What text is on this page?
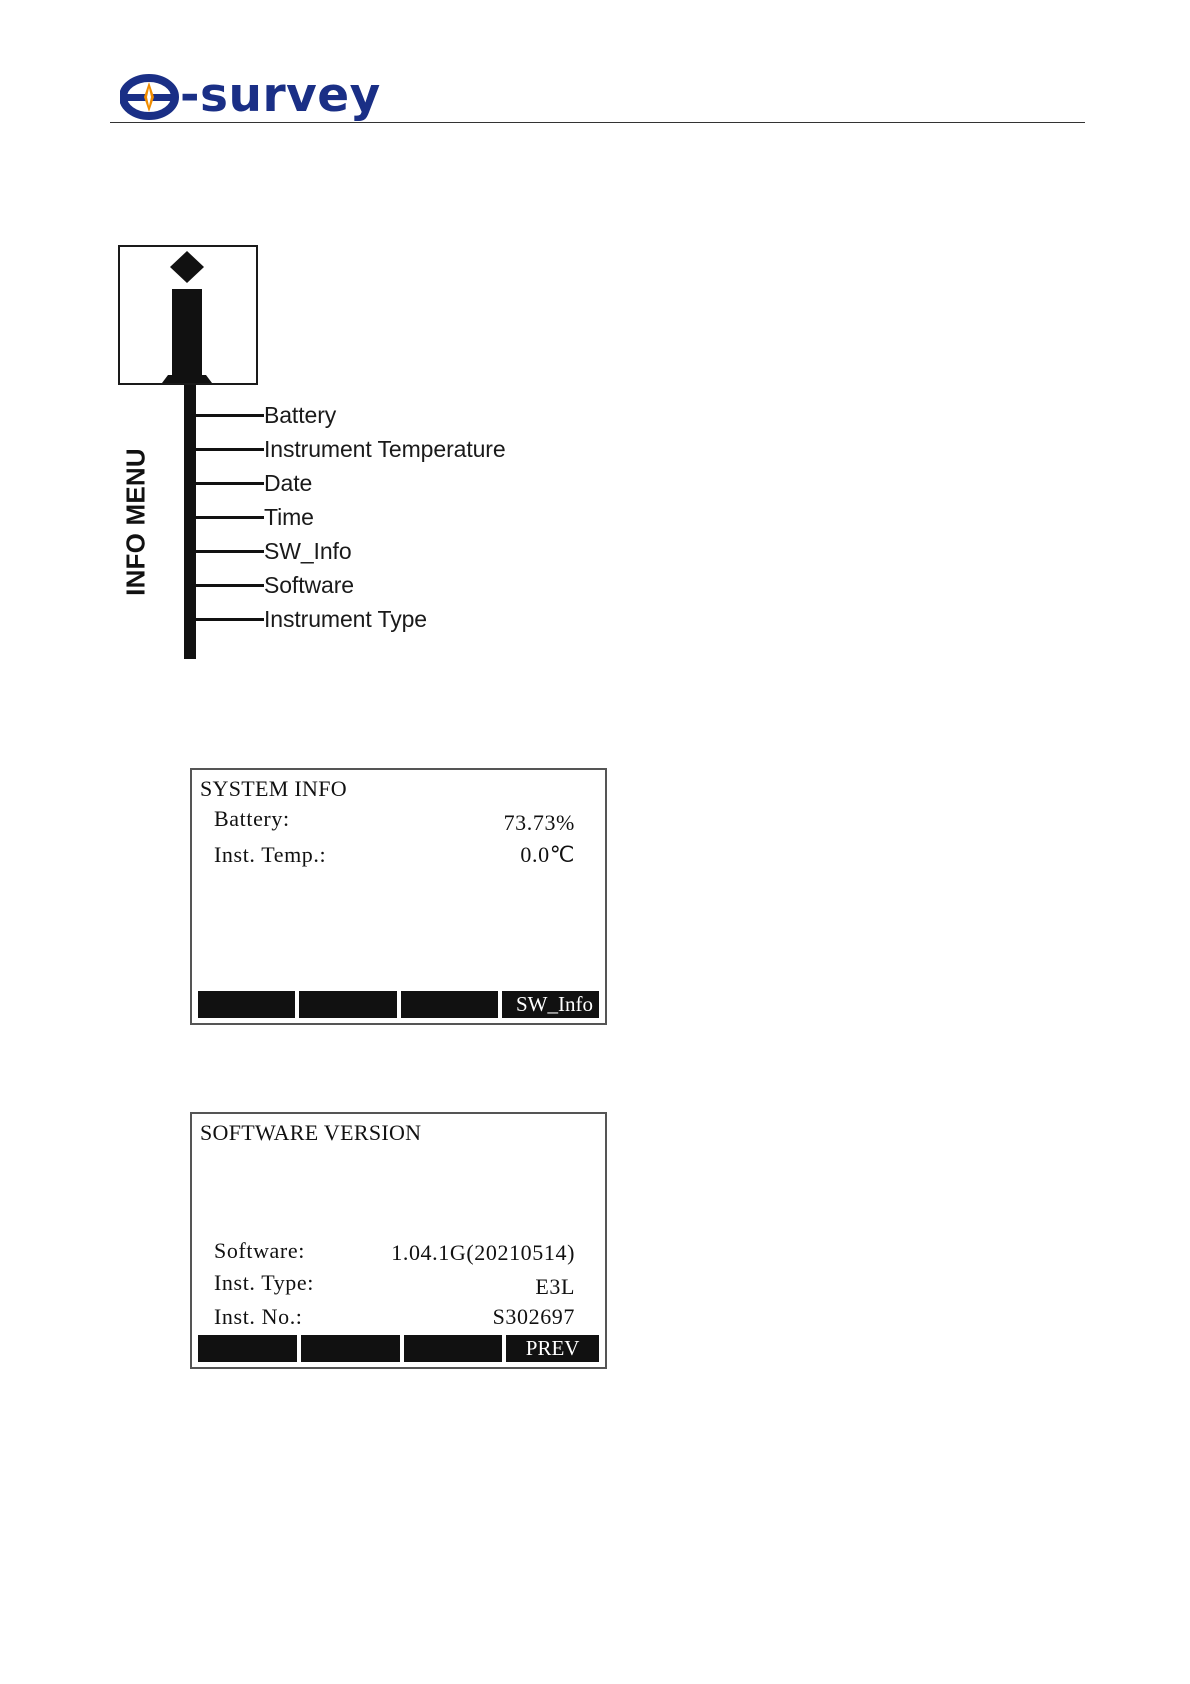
-survey
INFO MENU
Battery
Instrument Temperature
Date
Time
SW_Info
Software
Instrument Type
SYSTEM INFO
Battery:	73.73%
Inst. Temp.:	0.0℃
SW_Info
SOFTWARE VERSION
Software:	1.04.1G(20210514)
Inst. Type:	E3L
Inst. No.:	S302697
PREV
